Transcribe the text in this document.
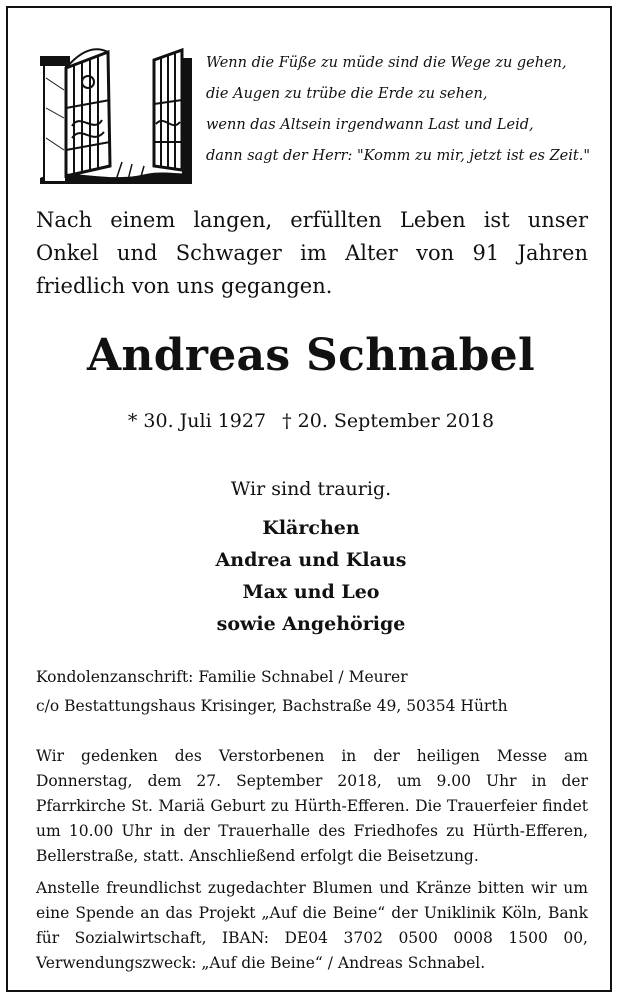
Wenn die Füße zu müde sind die Wege zu gehen,
die Augen zu trübe die Erde zu sehen,
wenn das Altsein irgendwann Last und Leid,
dann sagt der Herr: "Komm zu mir, jetzt ist es Zeit."
Nach einem langen, erfüllten Leben ist unser Onkel und Schwager im Alter von 91 Jahren friedlich von uns gegangen.
Andreas Schnabel
* 30. Juli 1927 † 20. September 2018
Wir sind traurig.
Klärchen
Andrea und Klaus
Max und Leo
sowie Angehörige
Kondolenzanschrift: Familie Schnabel / Meurer
c/o Bestattungshaus Krisinger, Bachstraße 49, 50354 Hürth
Wir gedenken des Verstorbenen in der heiligen Messe am Donnerstag, dem 27. September 2018, um 9.00 Uhr in der Pfarrkirche St. Mariä Geburt zu Hürth-Efferen. Die Trauerfeier findet um 10.00 Uhr in der Trauerhalle des Friedhofes zu Hürth-Efferen, Bellerstraße, statt. Anschließend erfolgt die Beisetzung.
Anstelle freundlichst zugedachter Blumen und Kränze bitten wir um eine Spende an das Projekt „Auf die Beine“ der Uniklinik Köln, Bank für Sozialwirtschaft, IBAN: DE04 3702 0500 0008 1500 00, Verwendungszweck: „Auf die Beine“ / Andreas Schnabel.
